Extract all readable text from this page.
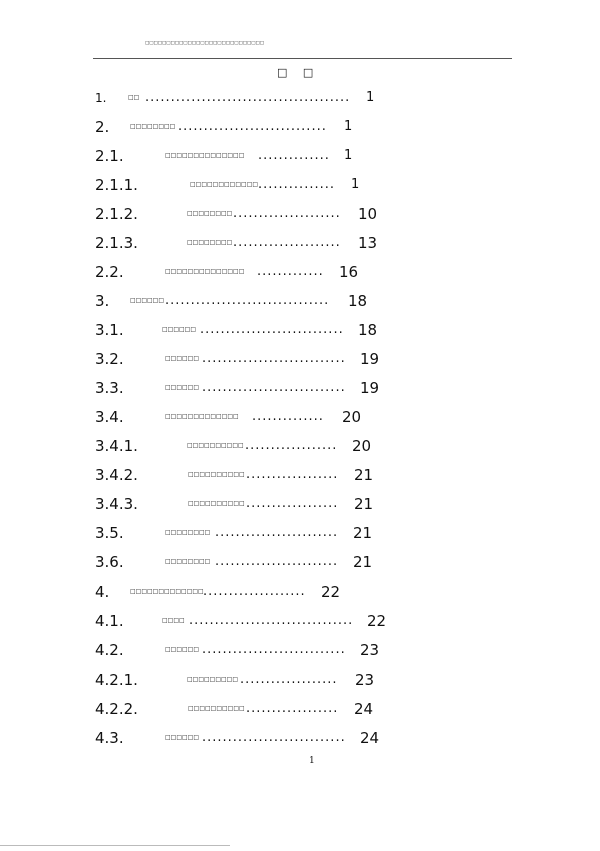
□□□□□□□□□□□□□□□□□□□□□□□□□□□□
□ □
1.	□□ ........................................ 1
2.	□□□□□□□□ ............................. 1
2.1.	□□□□□□□□□□□□□□ .............. 1
2.1.1.	□□□□□□□□□□□□ ............... 1
2.1.2.	□□□□□□□□ ..................... 10
2.1.3.	□□□□□□□□ ..................... 13
2.2.	□□□□□□□□□□□□□□ ............. 16
3.	□□□□□□ ................................ 18
3.1.	□□□□□□ ............................ 18
3.2.	□□□□□□ ............................ 19
3.3.	□□□□□□ ............................ 19
3.4.	□□□□□□□□□□□□□ .............. 20
3.4.1.	□□□□□□□□□□ .................. 20
3.4.2.	□□□□□□□□□□ .................. 21
3.4.3.	□□□□□□□□□□ .................. 21
3.5.	□□□□□□□□ ........................ 21
3.6.	□□□□□□□□ ........................ 21
4.	□□□□□□□□□□□□□ .................... 22
4.1.	□□□□ ................................ 22
4.2.	□□□□□□ ............................ 23
4.2.1.	□□□□□□□□□ ................... 23
4.2.2.	□□□□□□□□□□ .................. 24
4.3.	□□□□□□ ............................ 24
1
